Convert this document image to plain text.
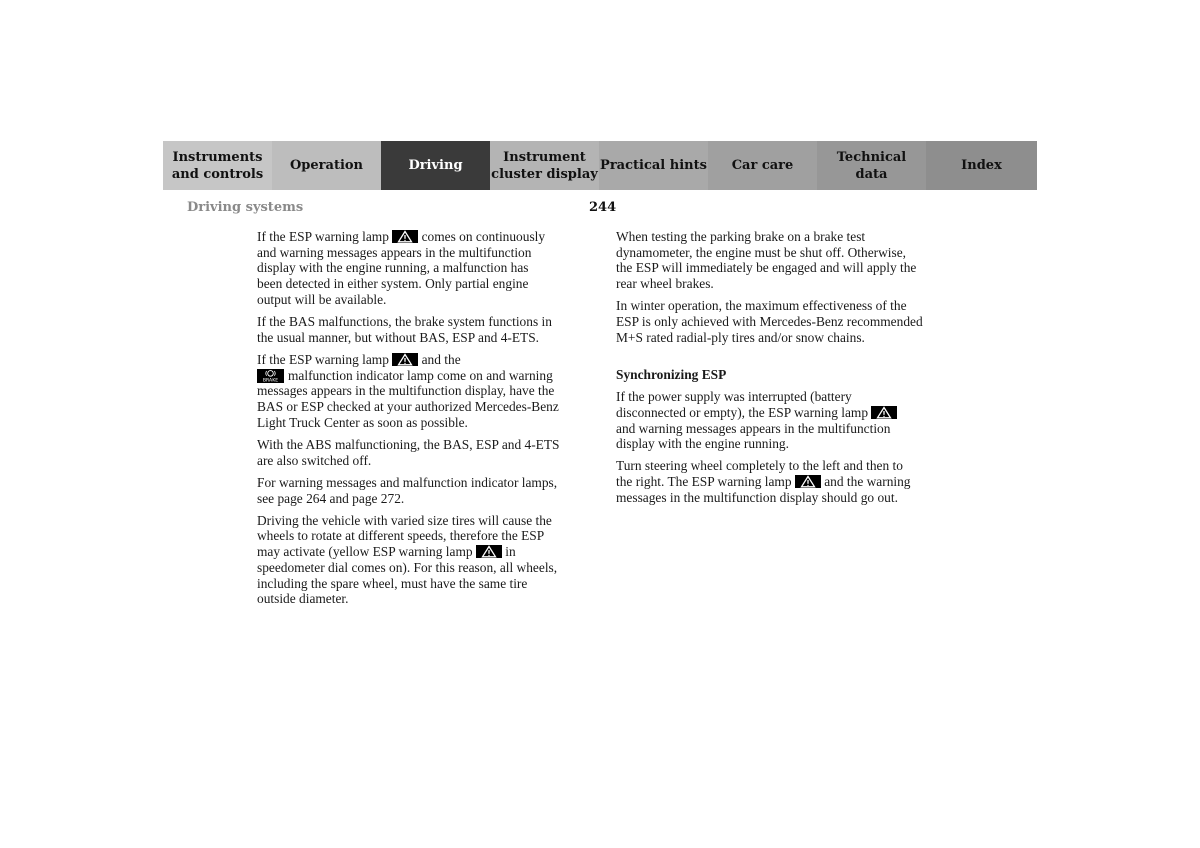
Instruments
and controls
Operation	Driving
Instrument
cluster display
Practical hints	Car care
Technical
data
Index
Driving systems	244

If the ESP warning lamp
comes on continuously
and warning messages appears in the multifunction
display with the engine running, a malfunction has
been detected in either system. Only partial engine
output will be available.

If the BAS malfunctions, the brake system functions in
the usual manner, but without BAS, ESP and 4-ETS.

If the ESP warning lamp
and the

BRAKE malfunction indicator lamp come on and warning
messages appears in the multifunction display, have the
BAS or ESP checked at your authorized Mercedes-Benz
Light Truck Center as soon as possible.

With the ABS malfunctioning, the BAS, ESP and 4-ETS
are also switched off.

For warning messages and malfunction indicator lamps,
see page 264 and page 272.

Driving the vehicle with varied size tires will cause the
wheels to rotate at different speeds, therefore the ESP
may activate (yellow ESP warning lamp
in
speedometer dial comes on). For this reason, all wheels,
including the spare wheel, must have the same tire
outside diameter.

When testing the parking brake on a brake test
dynamometer, the engine must be shut off. Otherwise,
the ESP will immediately be engaged and will apply the
rear wheel brakes.

In winter operation, the maximum effectiveness of the
ESP is only achieved with Mercedes-Benz recommended
M+S rated radial-ply tires and/or snow chains.

Synchronizing ESP

If the power supply was interrupted (battery
disconnected or empty), the ESP warning lamp

and warning messages appears in the multifunction
display with the engine running.

Turn steering wheel completely to the left and then to
the right. The ESP warning lamp
and the warning
messages in the multifunction display should go out.
